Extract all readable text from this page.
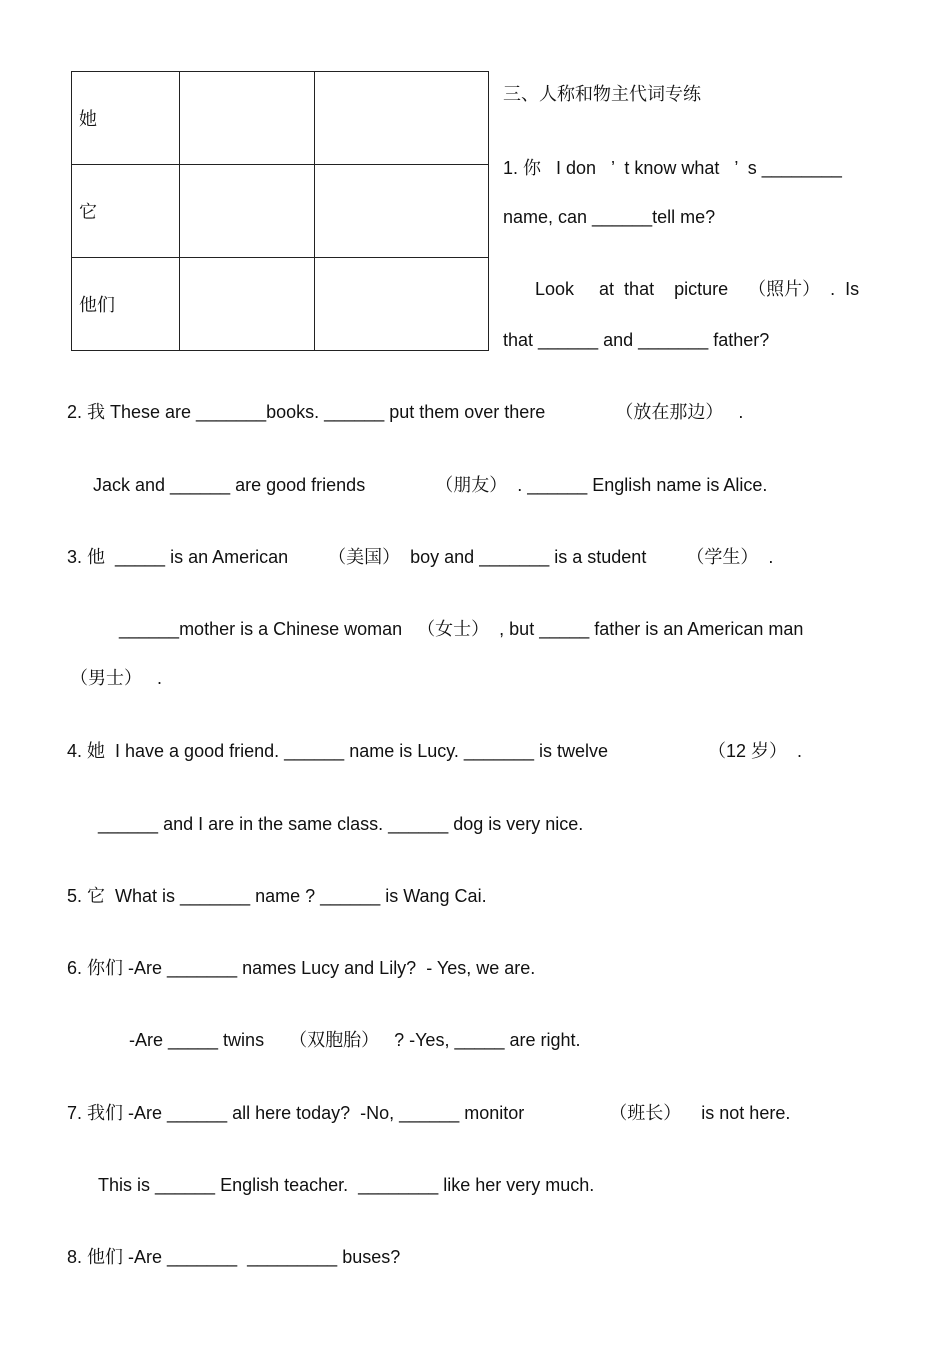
她		
它		
他们		
三、人称和物主代词专练
1. 你   I don   ’  t know what   ’  s ________
name, can ______tell me?
Look     at  that    picture    （照片）  .  Is
that ______ and _______ father?
2. 我 These are _______books. ______ put them over there              （放在那边）   .
Jack and ______ are good friends              （朋友）  . ______ English name is Alice.
3. 他  _____ is an American        （美国）  boy and _______ is a student        （学生）  .
______mother is a Chinese woman   （女士）  , but _____ father is an American man
（男士）   .
4. 她  I have a good friend. ______ name is Lucy. _______ is twelve                    （12 岁）  .
______ and I are in the same class. ______ dog is very nice.
5. 它  What is _______ name ? ______ is Wang Cai.
6. 你们 -Are _______ names Lucy and Lily?  - Yes, we are.
-Are _____ twins     （双胞胎）   ? -Yes, _____ are right.
7. 我们 -Are ______ all here today?  -No, ______ monitor                 （班长）    is not here.
This is ______ English teacher.  ________ like her very much.
8. 他们 -Are _______  _________ buses?
